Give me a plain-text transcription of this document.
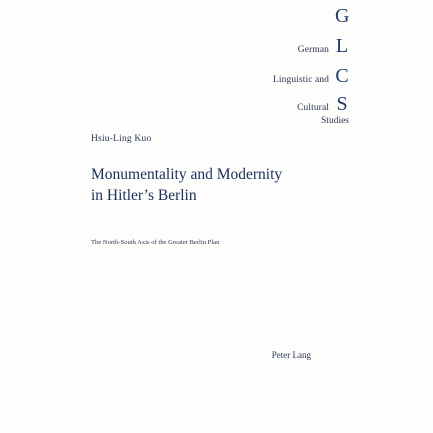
G
German L
Linguistic and C
Cultural S
Studies
Hsiu-Ling Kuo
Monumentality and Modernity
in Hitler’s Berlin
The North-South Axis of the Greater Berlin Plan
Peter Lang
